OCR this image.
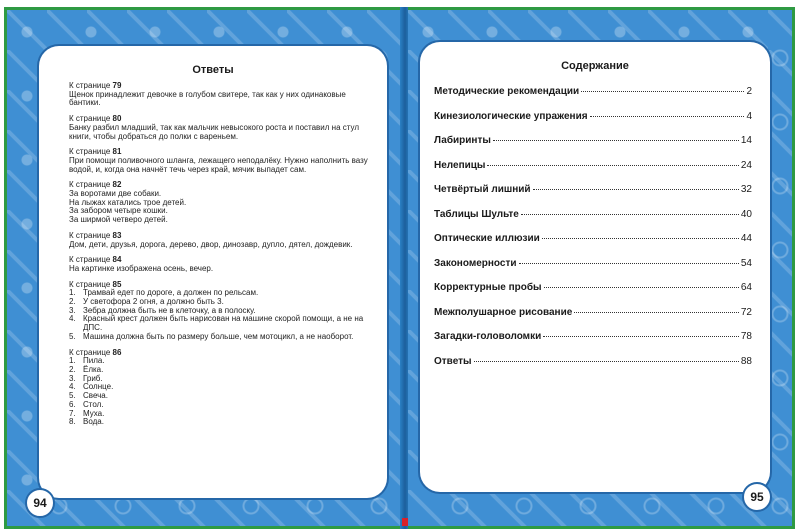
Ответы

К странице 79

Щенок принадлежит девочке в голубом свитере, так как у них одинаковые бантики.

К странице 80

Банку разбил младший, так как мальчик невысокого роста и поставил на стул книги, чтобы добраться до полки с вареньем.

К странице 81

При помощи поливочного шланга, лежащего неподалёку. Нужно наполнить вазу водой, и, когда она начнёт течь через край, мячик выпадет сам.

К странице 82

За воротами две собаки.

На лыжах катались трое детей.

За забором четыре кошки.

За ширмой четверо детей.

К странице 83

Дом, дети, друзья, дорога, дерево, двор, динозавр, дупло, дятел, дождевик.

К странице 84

На картинке изображена осень, вечер.

К странице 85

1. Трамвай едет по дороге, а должен по рельсам.
2. У светофора 2 огня, а должно быть 3.
3. Зебра должна быть не в клеточку, а в полоску.
4. Красный крест должен быть нарисован на машине скорой помощи, а не на ДПС.
5. Машина должна быть по размеру больше, чем мотоцикл, а не наоборот.

К странице 86

1. Пила.
2. Ёлка.
3. Гриб.
4. Солнце.
5. Свеча.
6. Стол.
7. Муха.
8. Вода.
94
Содержание
Методические рекомендации	2
Кинезиологические упражения	4
Лабиринты	14
Нелепицы	24
Четвёртый лишний	32
Таблицы Шульте	40
Оптические иллюзии	44
Закономерности	54
Корректурные пробы	64
Межполушарное рисование	72
Загадки-головоломки	78
Ответы	88
95
